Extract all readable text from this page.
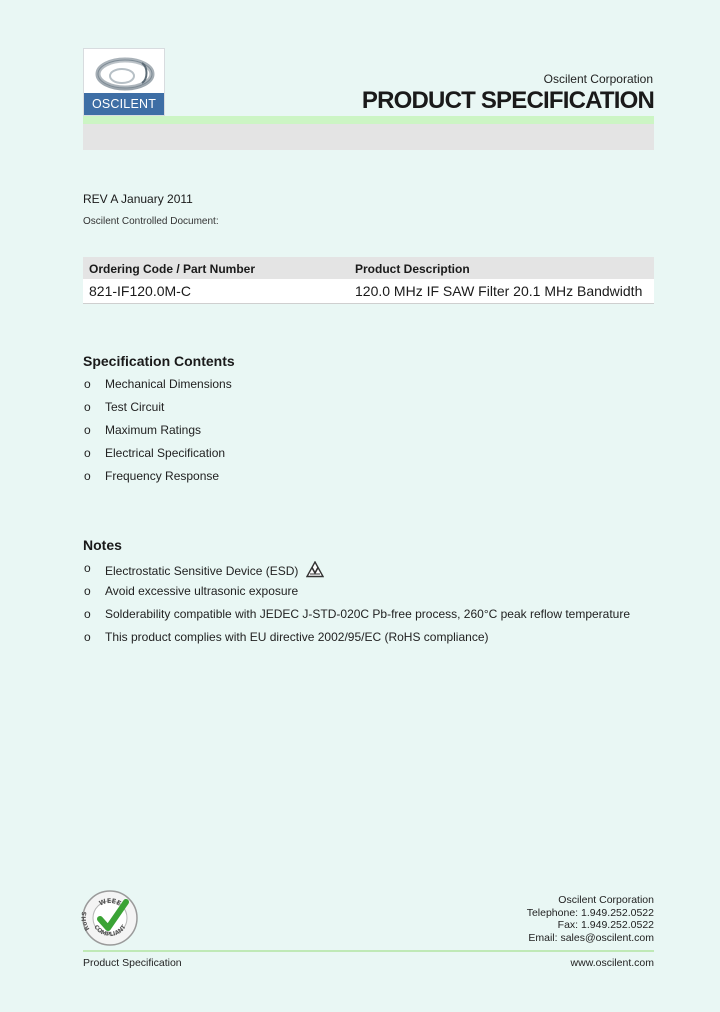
OSCILENT
Oscilent Corporation
PRODUCT SPECIFICATION
REV A January 2011
Oscilent Controlled Document:
Ordering Code / Part Number	Product Description
821-IF120.0M-C	120.0 MHz IF SAW Filter 20.1 MHz Bandwidth
Specification Contents
o Mechanical Dimensions
o Test Circuit
o Maximum Ratings
o Electrical Specification
o Frequency Response
Notes
o Electrostatic Sensitive Device (ESD)
o Avoid excessive ultrasonic exposure
o Solderability compatible with JEDEC J-STD-020C Pb-free process, 260°C peak reflow temperature
o This product complies with EU directive 2002/95/EC (RoHS compliance)
WEEE
RoHS
COMPLIANT
Oscilent Corporation
Telephone: 1.949.252.0522
Fax: 1.949.252.0522
Email: sales@oscilent.com
Product Specification	www.oscilent.com
